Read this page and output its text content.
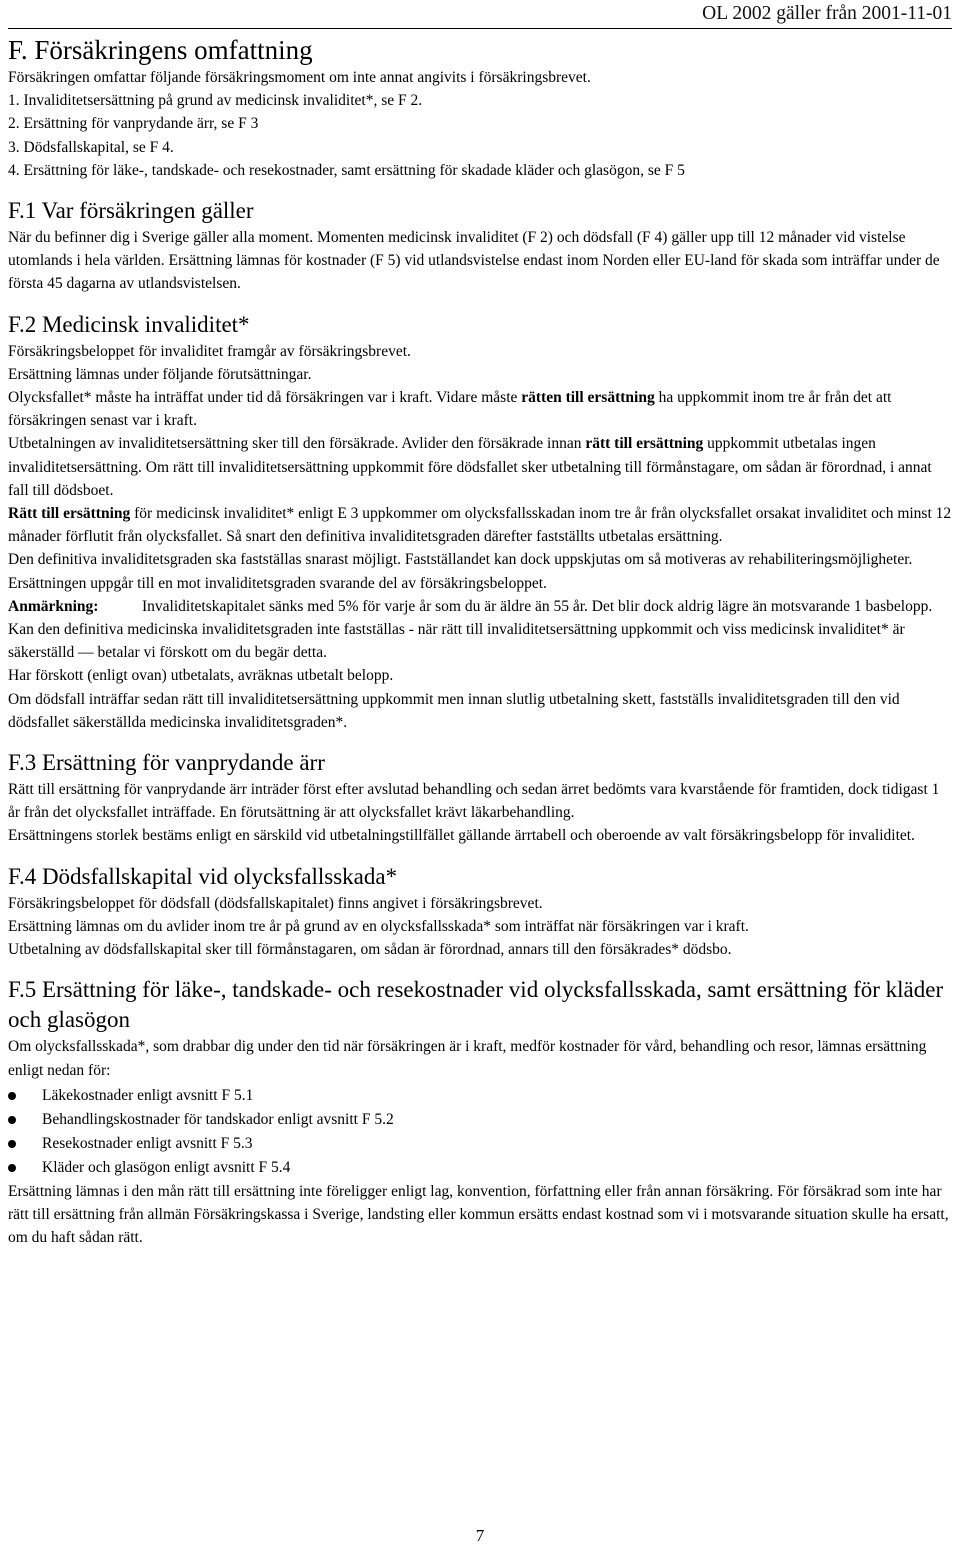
OL 2002 gäller från 2001-11-01
F. Försäkringens omfattning

Försäkringen omfattar följande försäkringsmoment om inte annat angivits i försäkringsbrevet.

1. Invaliditetsersättning på grund av medicinsk invaliditet*, se F 2.
2. Ersättning för vanprydande ärr, se F 3
3. Dödsfallskapital, se F 4.
4. Ersättning för läke-, tandskade- och resekostnader, samt ersättning för skadade kläder och glasögon, se F 5
F.1 Var försäkringen gäller

När du befinner dig i Sverige gäller alla moment. Momenten medicinsk invaliditet (F 2) och dödsfall (F 4) gäller upp till 12 månader vid vistelse utomlands i hela världen. Ersättning lämnas för kostnader (F 5) vid utlandsvistelse endast inom Norden eller EU-land för skada som inträffar under de första 45 dagarna av utlandsvistelsen.

F.2 Medicinsk invaliditet*

Försäkringsbeloppet för invaliditet framgår av försäkringsbrevet.

Ersättning lämnas under följande förutsättningar.

Olycksfallet* måste ha inträffat under tid då försäkringen var i kraft. Vidare måste rätten till ersättning ha uppkommit inom tre år från det att försäkringen senast var i kraft.

Utbetalningen av invaliditetsersättning sker till den försäkrade. Avlider den försäkrade innan rätt till ersättning uppkommit utbetalas ingen invaliditetsersättning. Om rätt till invaliditetsersättning uppkommit före dödsfallet sker utbetalning till förmånstagare, om sådan är förordnad, i annat fall till dödsboet.

Rätt till ersättning för medicinsk invaliditet* enligt E 3 uppkommer om olycksfallsskadan inom tre år från olycksfallet orsakat invaliditet och minst 12 månader förflutit från olycksfallet. Så snart den definitiva invaliditetsgraden därefter fastställts utbetalas ersättning.

Den definitiva invaliditetsgraden ska fastställas snarast möjligt. Fastställandet kan dock uppskjutas om så motiveras av rehabiliteringsmöjligheter.

Ersättningen uppgår till en mot invaliditetsgraden svarande del av försäkringsbeloppet.

Anmärkning:	Invaliditetskapitalet sänks med 5% för varje år som du är äldre än 55 år. Det blir dock aldrig lägre än motsvarande 1 basbelopp.

Kan den definitiva medicinska invaliditetsgraden inte fastställas - när rätt till invaliditetsersättning uppkommit och viss medicinsk invaliditet* är säkerställd — betalar vi förskott om du begär detta.

Har förskott (enligt ovan) utbetalats, avräknas utbetalt belopp.

Om dödsfall inträffar sedan rätt till invaliditetsersättning uppkommit men innan slutlig utbetalning skett, fastställs invaliditetsgraden till den vid dödsfallet säkerställda medicinska invaliditetsgraden*.

F.3 Ersättning för vanprydande ärr

Rätt till ersättning för vanprydande ärr inträder först efter avslutad behandling och sedan ärret bedömts vara kvarstående för framtiden, dock tidigast 1 år från det olycksfallet inträffade. En förutsättning är att olycksfallet krävt läkarbehandling.

Ersättningens storlek bestäms enligt en särskild vid utbetalningstillfället gällande ärrtabell och oberoende av valt försäkringsbelopp för invaliditet.

F.4 Dödsfallskapital vid olycksfallsskada*

Försäkringsbeloppet för dödsfall (dödsfallskapitalet) finns angivet i försäkringsbrevet.

Ersättning lämnas om du avlider inom tre år på grund av en olycksfallsskada* som inträffat när försäkringen var i kraft.

Utbetalning av dödsfallskapital sker till förmånstagaren, om sådan är förordnad, annars till den försäkrades* dödsbo.

F.5 Ersättning för läke-, tandskade- och resekostnader vid olycksfallsskada, samt ersättning för kläder och glasögon

Om olycksfallsskada*, som drabbar dig under den tid när försäkringen är i kraft, medför kostnader för vård, behandling och resor, lämnas ersättning enligt nedan för:

Läkekostnader enligt avsnitt F 5.1
Behandlingskostnader för tandskador enligt avsnitt F 5.2
Resekostnader enligt avsnitt F 5.3
Kläder och glasögon enligt avsnitt F 5.4

Ersättning lämnas i den mån rätt till ersättning inte föreligger enligt lag, konvention, författning eller från annan försäkring. För försäkrad som inte har rätt till ersättning från allmän Försäkringskassa i Sverige, landsting eller kommun ersätts endast kostnad som vi i motsvarande situation skulle ha ersatt, om du haft sådan rätt.

7
